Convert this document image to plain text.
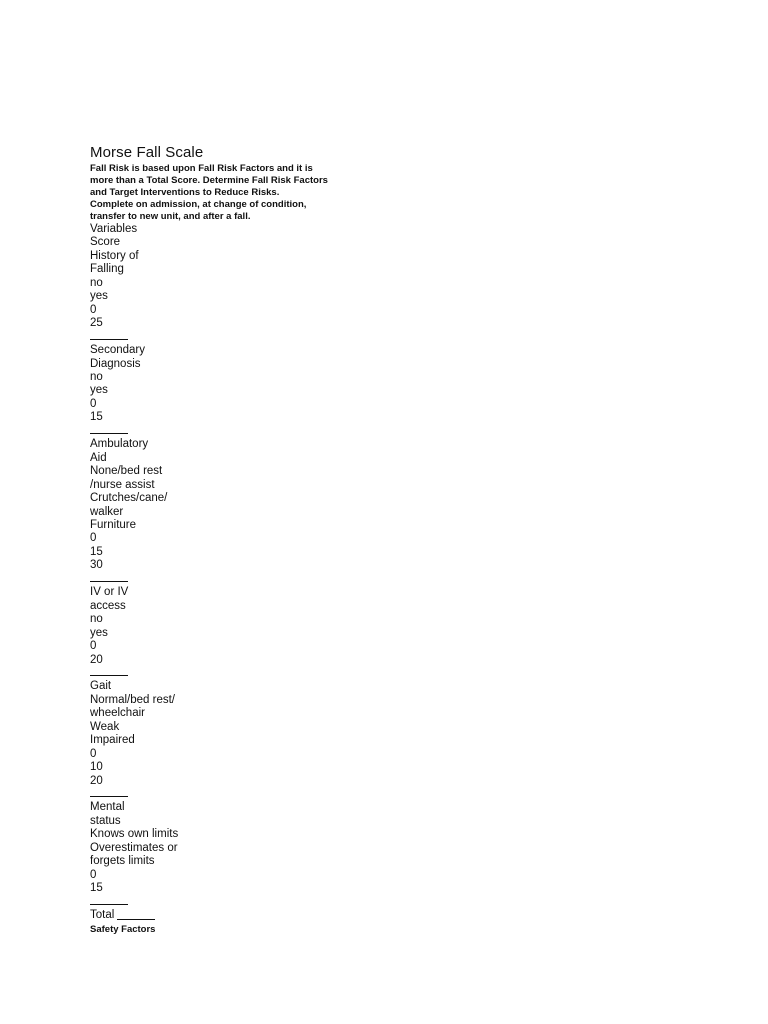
Morse Fall Scale

Fall Risk is based upon Fall Risk Factors and it is
more than a Total Score. Determine Fall Risk Factors
and Target Interventions to Reduce Risks.
Complete on admission, at change of condition,
transfer to new unit, and after a fall.

Variables
Score
History of
Falling
no
yes
0
25
Secondary
Diagnosis
no
yes
0
15
Ambulatory
Aid
None/bed rest
/nurse assist
Crutches/cane/
walker
Furniture
0
15
30
IV or IV
access
no
yes
0
20
Gait
Normal/bed rest/
wheelchair
Weak
Impaired
0
10
20
Mental
status
Knows own limits
Overestimates or
forgets limits
0
15
Total
Safety Factors
